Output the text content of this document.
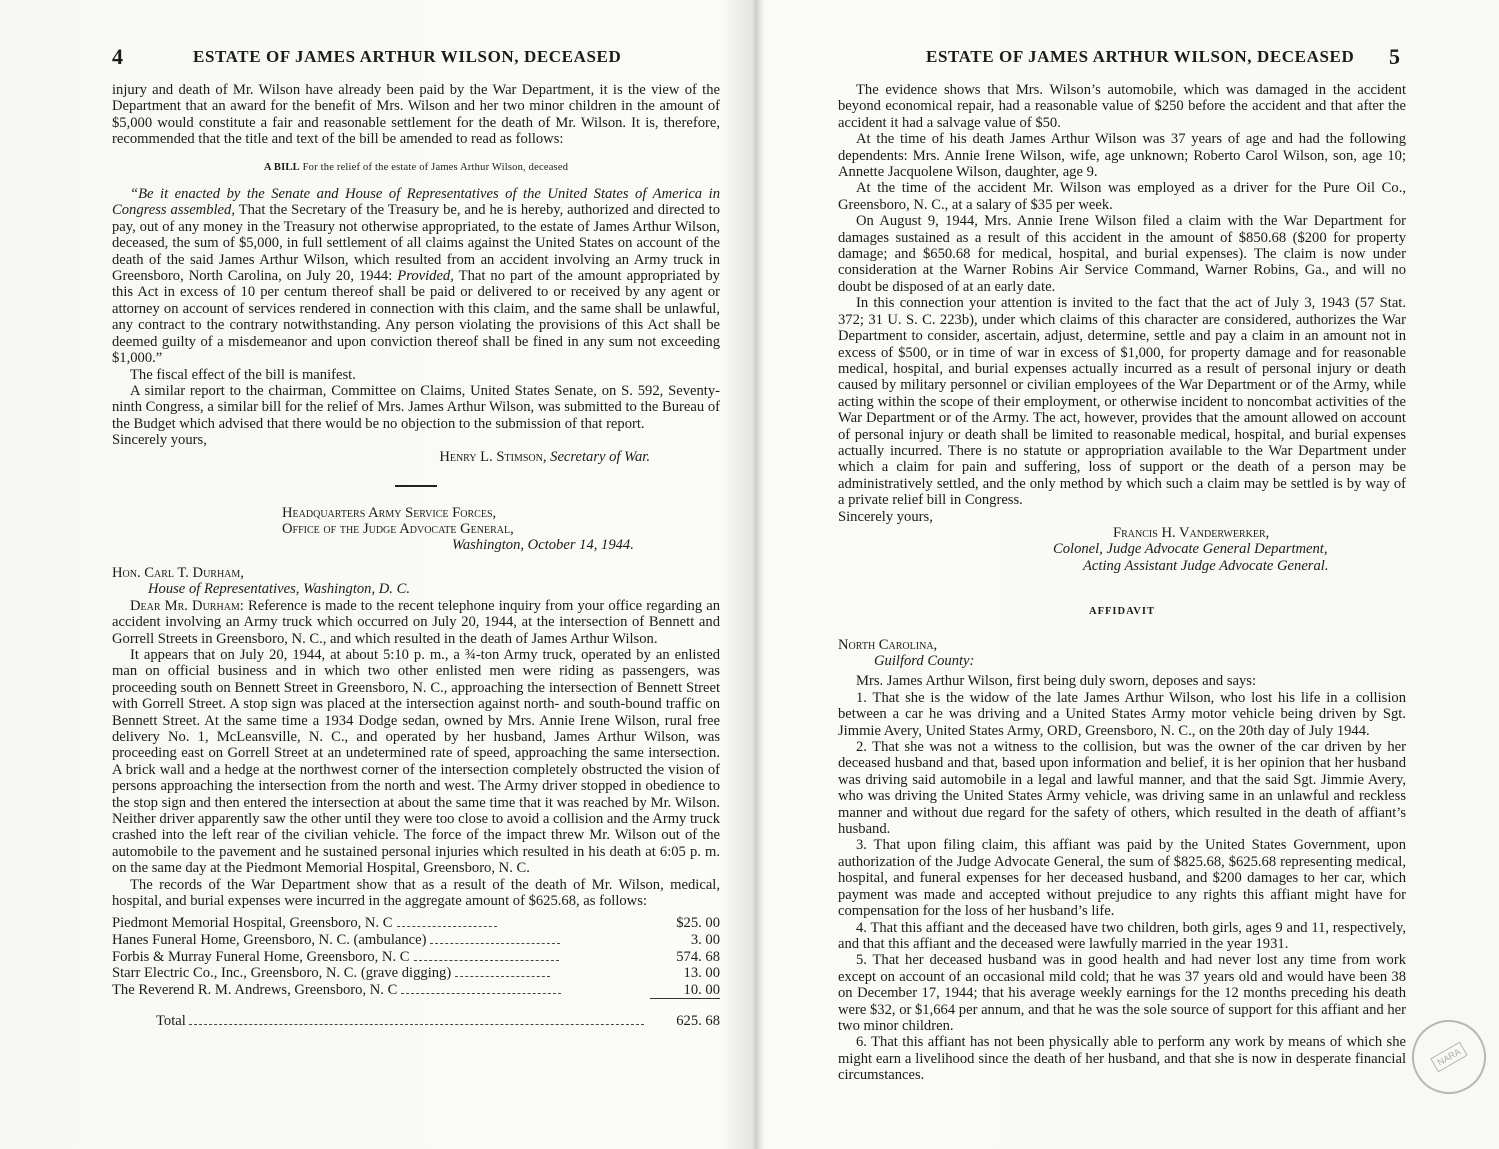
4	ESTATE OF JAMES ARTHUR WILSON, DECEASED

injury and death of Mr. Wilson have already been paid by the War Department, it is the view of the Department that an award for the benefit of Mrs. Wilson and her two minor children in the amount of $5,000 would constitute a fair and reasonable settlement for the death of Mr. Wilson. It is, therefore, recommended that the title and text of the bill be amended to read as follows:

A BILL For the relief of the estate of James Arthur Wilson, deceased

“Be it enacted by the Senate and House of Representatives of the United States of America in Congress assembled, That the Secretary of the Treasury be, and he is hereby, authorized and directed to pay, out of any money in the Treasury not otherwise appropriated, to the estate of James Arthur Wilson, deceased, the sum of $5,000, in full settlement of all claims against the United States on account of the death of the said James Arthur Wilson, which resulted from an accident involving an Army truck in Greensboro, North Carolina, on July 20, 1944: Provided, That no part of the amount appropriated by this Act in excess of 10 per centum thereof shall be paid or delivered to or received by any agent or attorney on account of services rendered in connection with this claim, and the same shall be unlawful, any contract to the contrary notwithstanding. Any person violating the provisions of this Act shall be deemed guilty of a misdemeanor and upon conviction thereof shall be fined in any sum not exceeding $1,000.”

The fiscal effect of the bill is manifest.

A similar report to the chairman, Committee on Claims, United States Senate, on S. 592, Seventy-ninth Congress, a similar bill for the relief of Mrs. James Arthur Wilson, was submitted to the Bureau of the Budget which advised that there would be no objection to the submission of that report.

Sincerely yours,

Henry L. Stimson, Secretary of War.
Headquarters Army Service Forces,
Office of the Judge Advocate General,
Washington, October 14, 1944.
Hon. Carl T. Durham,
House of Representatives, Washington, D. C.

Dear Mr. Durham: Reference is made to the recent telephone inquiry from your office regarding an accident involving an Army truck which occurred on July 20, 1944, at the intersection of Bennett and Gorrell Streets in Greensboro, N. C., and which resulted in the death of James Arthur Wilson.

It appears that on July 20, 1944, at about 5:10 p. m., a ¾-ton Army truck, operated by an enlisted man on official business and in which two other enlisted men were riding as passengers, was proceeding south on Bennett Street in Greensboro, N. C., approaching the intersection of Bennett Street with Gorrell Street. A stop sign was placed at the intersection against north- and south-bound traffic on Bennett Street. At the same time a 1934 Dodge sedan, owned by Mrs. Annie Irene Wilson, rural free delivery No. 1, McLeansville, N. C., and operated by her husband, James Arthur Wilson, was proceeding east on Gorrell Street at an undetermined rate of speed, approaching the same intersection. A brick wall and a hedge at the northwest corner of the intersection completely obstructed the vision of persons approaching the intersection from the north and west. The Army driver stopped in obedience to the stop sign and then entered the intersection at about the same time that it was reached by Mr. Wilson. Neither driver apparently saw the other until they were too close to avoid a collision and the Army truck crashed into the left rear of the civilian vehicle. The force of the impact threw Mr. Wilson out of the automobile to the pavement and he sustained personal injuries which resulted in his death at 6:05 p. m. on the same day at the Piedmont Memorial Hospital, Greensboro, N. C.

The records of the War Department show that as a result of the death of Mr. Wilson, medical, hospital, and burial expenses were incurred in the aggregate amount of $625.68, as follows:

Piedmont Memorial Hospital, Greensboro, N. C	$25. 00
Hanes Funeral Home, Greensboro, N. C. (ambulance)	3. 00
Forbis & Murray Funeral Home, Greensboro, N. C	574. 68
Starr Electric Co., Inc., Greensboro, N. C. (grave digging)	13. 00
The Reverend R. M. Andrews, Greensboro, N. C	10. 00
Total	625. 68
ESTATE OF JAMES ARTHUR WILSON, DECEASED 5

The evidence shows that Mrs. Wilson’s automobile, which was damaged in the accident beyond economical repair, had a reasonable value of $250 before the accident and that after the accident it had a salvage value of $50.

At the time of his death James Arthur Wilson was 37 years of age and had the following dependents: Mrs. Annie Irene Wilson, wife, age unknown; Roberto Carol Wilson, son, age 10; Annette Jacquolene Wilson, daughter, age 9.

At the time of the accident Mr. Wilson was employed as a driver for the Pure Oil Co., Greensboro, N. C., at a salary of $35 per week.

On August 9, 1944, Mrs. Annie Irene Wilson filed a claim with the War Department for damages sustained as a result of this accident in the amount of $850.68 ($200 for property damage; and $650.68 for medical, hospital, and burial expenses). The claim is now under consideration at the Warner Robins Air Service Command, Warner Robins, Ga., and will no doubt be disposed of at an early date.

In this connection your attention is invited to the fact that the act of July 3, 1943 (57 Stat. 372; 31 U. S. C. 223b), under which claims of this character are considered, authorizes the War Department to consider, ascertain, adjust, determine, settle and pay a claim in an amount not in excess of $500, or in time of war in excess of $1,000, for property damage and for reasonable medical, hospital, and burial expenses actually incurred as a result of personal injury or death caused by military personnel or civilian employees of the War Department or of the Army, while acting within the scope of their employment, or otherwise incident to noncombat activities of the War Department or of the Army. The act, however, provides that the amount allowed on account of personal injury or death shall be limited to reasonable medical, hospital, and burial expenses actually incurred. There is no statute or appropriation available to the War Department under which a claim for pain and suffering, loss of support or the death of a person may be administratively settled, and the only method by which such a claim may be settled is by way of a private relief bill in Congress.

Sincerely yours,

Francis H. Vanderwerker,
Colonel, Judge Advocate General Department,
Acting Assistant Judge Advocate General.
AFFIDAVIT
North Carolina,
Guilford County:

Mrs. James Arthur Wilson, first being duly sworn, deposes and says:

1. That she is the widow of the late James Arthur Wilson, who lost his life in a collision between a car he was driving and a United States Army motor vehicle being driven by Sgt. Jimmie Avery, United States Army, ORD, Greensboro, N. C., on the 20th day of July 1944.

2. That she was not a witness to the collision, but was the owner of the car driven by her deceased husband and that, based upon information and belief, it is her opinion that her husband was driving said automobile in a legal and lawful manner, and that the said Sgt. Jimmie Avery, who was driving the United States Army vehicle, was driving same in an unlawful and reckless manner and without due regard for the safety of others, which resulted in the death of affiant’s husband.

3. That upon filing claim, this affiant was paid by the United States Government, upon authorization of the Judge Advocate General, the sum of $825.68, $625.68 representing medical, hospital, and funeral expenses for her deceased husband, and $200 damages to her car, which payment was made and accepted without prejudice to any rights this affiant might have for compensation for the loss of her husband’s life.

4. That this affiant and the deceased have two children, both girls, ages 9 and 11, respectively, and that this affiant and the deceased were lawfully married in the year 1931.

5. That her deceased husband was in good health and had never lost any time from work except on account of an occasional mild cold; that he was 37 years old and would have been 38 on December 17, 1944; that his average weekly earnings for the 12 months preceding his death were $32, or $1,664 per annum, and that he was the sole source of support for this affiant and her two minor children.

6. That this affiant has not been physically able to perform any work by means of which she might earn a livelihood since the death of her husband, and that she is now in desperate financial circumstances.

NARA
